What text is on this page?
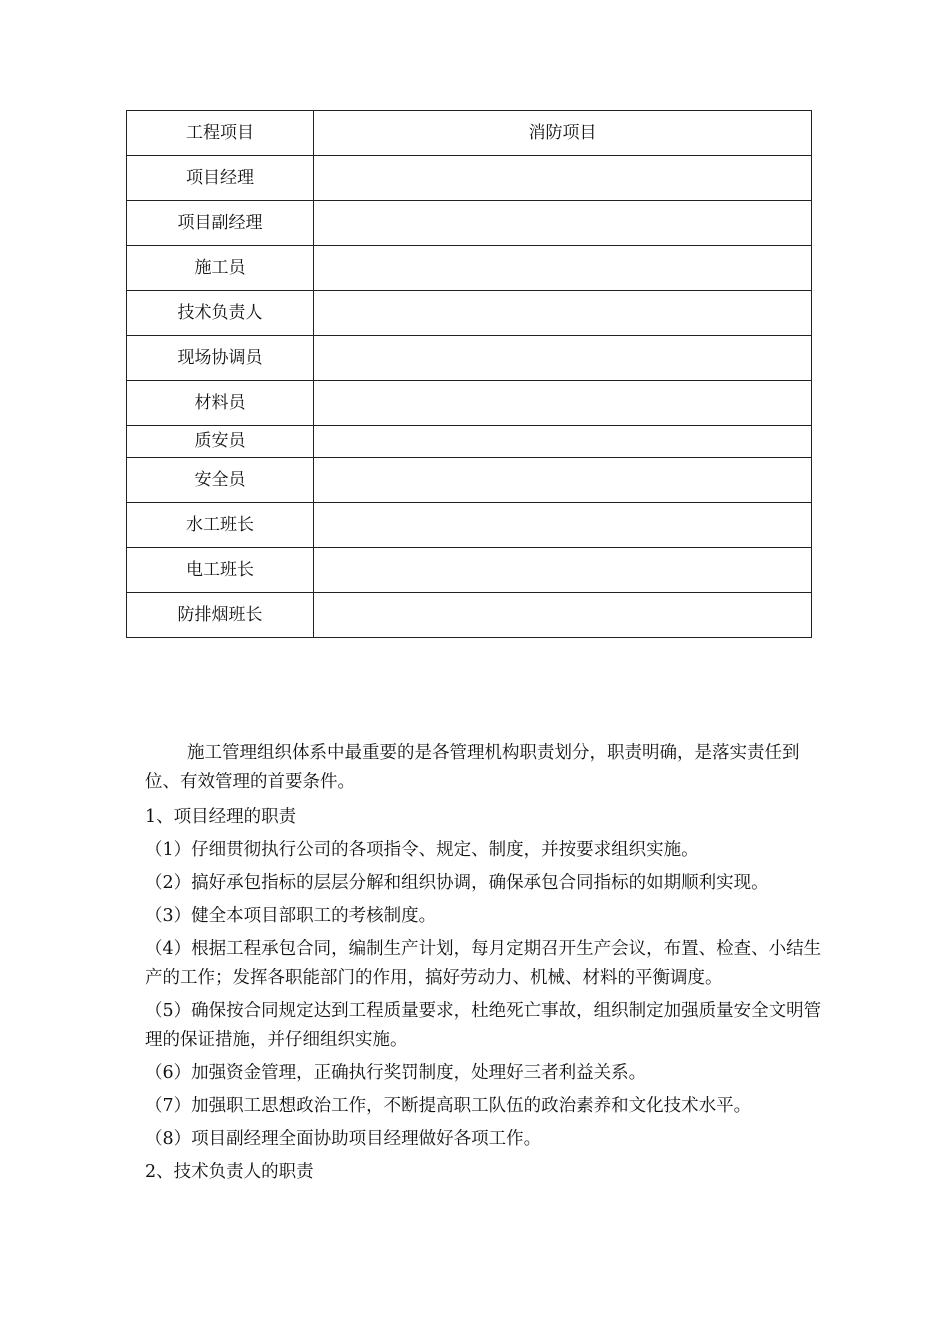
工程项目	消防项目
项目经理	
项目副经理	
施工员	
技术负责人	
现场协调员	
材料员	
质安员	
安全员	
水工班长	
电工班长	
防排烟班长	

施工管理组织体系中最重要的是各管理机构职责划分，职责明确，是落实责任到位、有效管理的首要条件。

1、项目经理的职责

（1）仔细贯彻执行公司的各项指令、规定、制度，并按要求组织实施。

（2）搞好承包指标的层层分解和组织协调，确保承包合同指标的如期顺利实现。

（3）健全本项目部职工的考核制度。

（4）根据工程承包合同，编制生产计划，每月定期召开生产会议，布置、检查、小结生产的工作；发挥各职能部门的作用，搞好劳动力、机械、材料的平衡调度。

（5）确保按合同规定达到工程质量要求，杜绝死亡事故，组织制定加强质量安全文明管理的保证措施，并仔细组织实施。

（6）加强资金管理，正确执行奖罚制度，处理好三者利益关系。

（7）加强职工思想政治工作，不断提高职工队伍的政治素养和文化技术水平。

（8）项目副经理全面协助项目经理做好各项工作。

2、技术负责人的职责
